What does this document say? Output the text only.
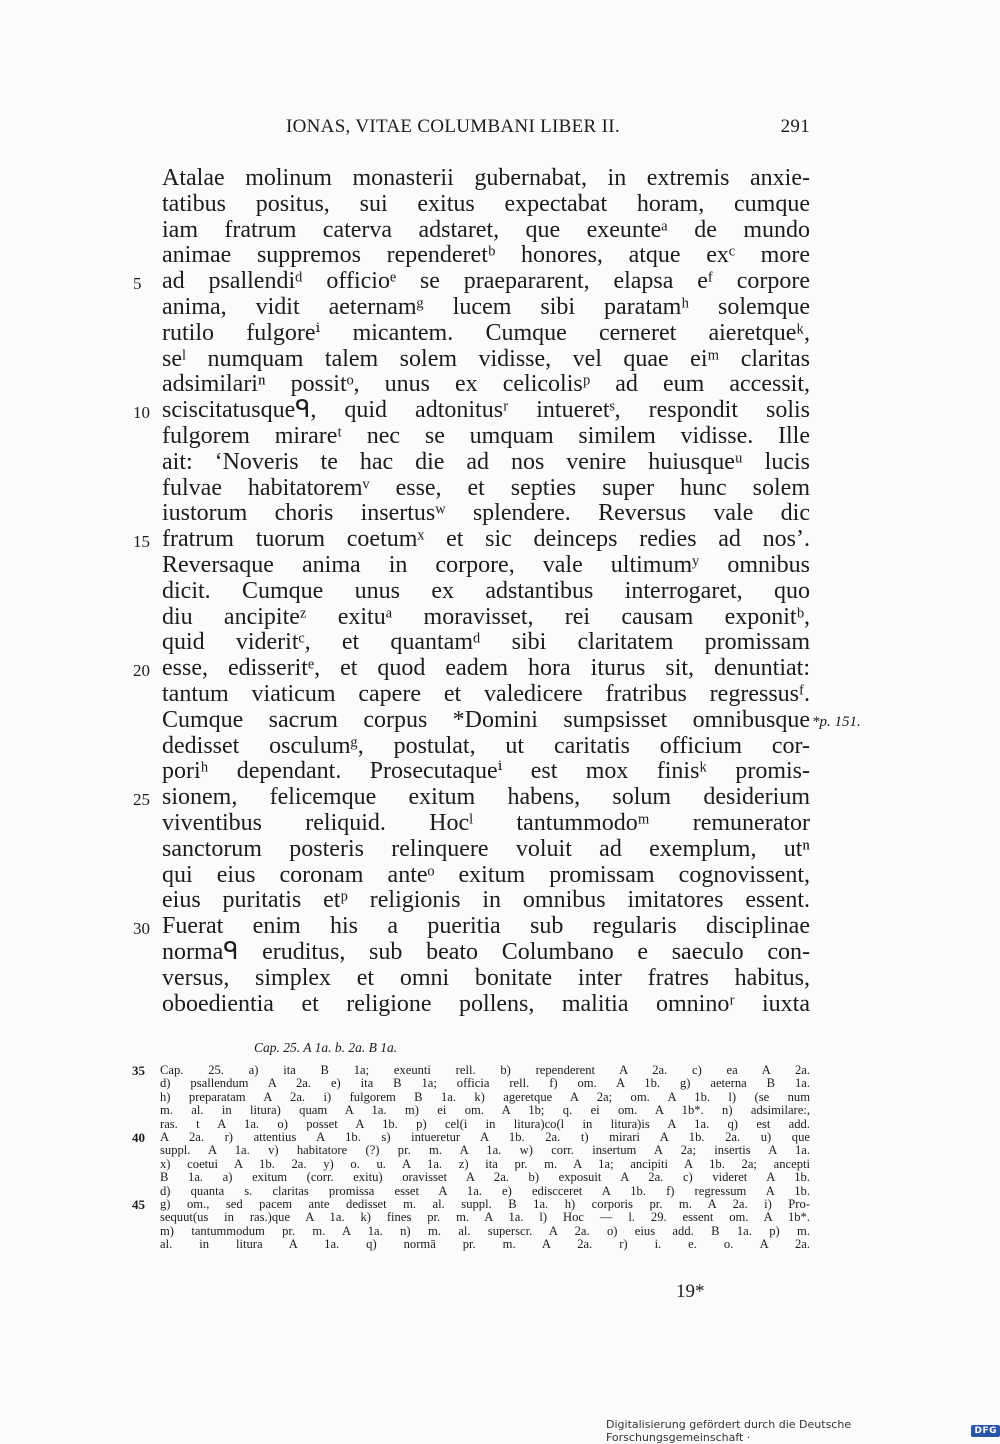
IONAS, VITAE COLUMBANI LIBER II.	291
Atalae molinum monasterii gubernabat, in extremis anxie-
tatibus positus, sui exitus expectabat horam, cumque
iam fratrum caterva adstaret, que exeunteᵃ de mundo
animae suppremos rependeretᵇ honores, atque exᶜ more
5 ad psallendiᵈ officioᵉ se praepararent, elapsa eᶠ corpore
anima, vidit aeternamᵍ lucem sibi paratamʰ solemque
rutilo fulgoreⁱ micantem. Cumque cerneret aieretqueᵏ,
seˡ numquam talem solem vidisse, vel quae eiᵐ claritas
adsimilariⁿ possitᵒ, unus ex celicolisᵖ ad eum accessit,
10 sciscitatusqueᑫ, quid adtonitusʳ intueretˢ, respondit solis
fulgorem mirareᵗ nec se umquam similem vidisse. Ille
ait: ‘Noveris te hac die ad nos venire huiusqueᵘ lucis
fulvae habitatoremᵛ esse, et septies super hunc solem
iustorum choris insertusʷ splendere. Reversus vale dic
15 fratrum tuorum coetumˣ et sic deinceps redies ad nos’.
Reversaque anima in corpore, vale ultimumʸ omnibus
dicit. Cumque unus ex adstantibus interrogaret, quo
diu ancipiteᶻ exituᵃ moravisset, rei causam exponitᵇ,
quid videritᶜ, et quantamᵈ sibi claritatem promissam
20 esse, edisseritᵉ, et quod eadem hora iturus sit, denuntiat:
tantum viaticum capere et valedicere fratribus regressusᶠ.
Cumque sacrum corpus *Domini sumpsisset omnibusque *p. 151.
dedisset osculumᵍ, postulat, ut caritatis officium cor-
poriʰ dependant. Prosecutaqueⁱ est mox finisᵏ promis-
25 sionem, felicemque exitum habens, solum desiderium
viventibus reliquid. Hocˡ tantummodoᵐ remunerator
sanctorum posteris relinquere voluit ad exemplum, utⁿ
qui eius coronam anteᵒ exitum promissam cognovissent,
eius puritatis etᵖ religionis in omnibus imitatores essent.
30 Fuerat enim his a pueritia sub regularis disciplinae
normaᑫ eruditus, sub beato Columbano e saeculo con-
versus, simplex et omni bonitate inter fratres habitus,
oboedientia et religione pollens, malitia omninoʳ iuxta
Cap. 25. A 1a. b. 2a. B 1a.
35 Cap. 25. a) ita B 1a; exeunti rell. b) rependerent A 2a. c) ea A 2a.
d) psallendum A 2a. e) ita B 1a; officia rell. f) om. A 1b. g) aeterna B 1a.
h) preparatam A 2a. i) fulgorem B 1a. k) ageretque A 2a; om. A 1b. l) (se num
m. al. in litura) quam A 1a. m) ei om. A 1b; q. ei om. A 1b*. n) adsimilare:,
ras. t A 1a. o) posset A 1b. p) cel(i in litura)co(l in litura)is A 1a. q) est add.
40 A 2a. r) attentius A 1b. s) intueretur A 1b. 2a. t) mirari A 1b. 2a. u) que
suppl. A 1a. v) habitatore (?) pr. m. A 1a. w) corr. insertum A 2a; insertis A 1a.
x) coetui A 1b. 2a. y) o. u. A 1a. z) ita pr. m. A 1a; ancipiti A 1b. 2a; ancepti
B 1a. a) exitum (corr. exitu) oravisset A 2a. b) exposuit A 2a. c) videret A 1b.
d) quanta s. claritas promissa esset A 1a. e) ediscceret A 1b. f) regressum A 1b.
45 g) om., sed pacem ante dedisset m. al. suppl. B 1a. h) corporis pr. m. A 2a. i) Pro-
sequut(us in ras.)que A 1a. k) fines pr. m. A 1a. l) Hoc — l. 29. essent om. A 1b*.
m) tantummodum pr. m. A 1a. n) m. al. superscr. A 2a. o) eius add. B 1a. p) m.
al. in litura A 1a. q) normā pr. m. A 2a. r) i. e. o. A 2a.
19*
Digitalisierung gefördert durch die Deutsche Forschungsgemeinschaft ·	DFG
